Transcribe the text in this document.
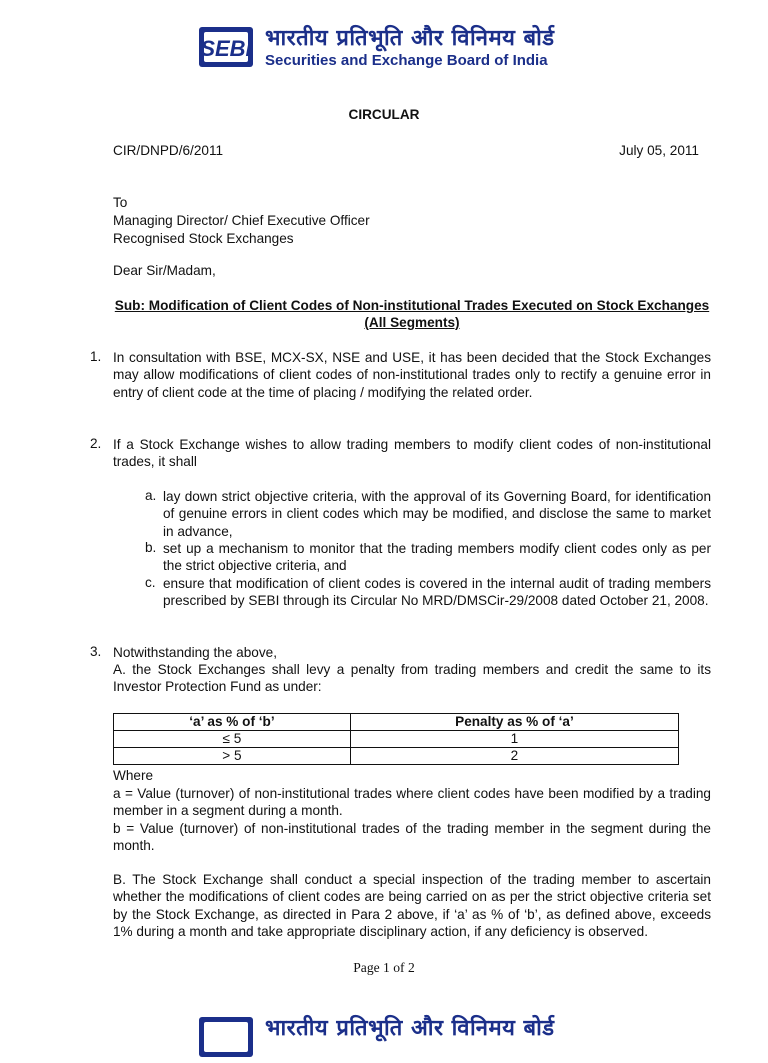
SEBI भारतीय प्रतिभूति और विनिमय बोर्ड
Securities and Exchange Board of India
CIRCULAR
CIR/DNPD/6/2011	July 05, 2011
To
Managing Director/ Chief Executive Officer
Recognised Stock Exchanges
Dear Sir/Madam,
Sub: Modification of Client Codes of Non-institutional Trades Executed on Stock Exchanges (All Segments)
1. In consultation with BSE, MCX-SX, NSE and USE, it has been decided that the Stock Exchanges may allow modifications of client codes of non-institutional trades only to rectify a genuine error in entry of client code at the time of placing / modifying the related order.
2. If a Stock Exchange wishes to allow trading members to modify client codes of non-institutional trades, it shall
a. lay down strict objective criteria, with the approval of its Governing Board, for identification of genuine errors in client codes which may be modified, and disclose the same to market in advance,
b. set up a mechanism to monitor that the trading members modify client codes only as per the strict objective criteria, and
c. ensure that modification of client codes is covered in the internal audit of trading members prescribed by SEBI through its Circular No MRD/DMSCir-29/2008 dated October 21, 2008.
3. Notwithstanding the above,
A. the Stock Exchanges shall levy a penalty from trading members and credit the same to its Investor Protection Fund as under:
‘a’ as % of ‘b’	Penalty as % of ‘a’
≤ 5	1
> 5	2
Where
a = Value (turnover) of non-institutional trades where client codes have been modified by a trading member in a segment during a month.
b = Value (turnover) of non-institutional trades of the trading member in the segment during the month.
B. The Stock Exchange shall conduct a special inspection of the trading member to ascertain whether the modifications of client codes are being carried on as per the strict objective criteria set by the Stock Exchange, as directed in Para 2 above, if ‘a’ as % of ‘b’, as defined above, exceeds 1% during a month and take appropriate disciplinary action, if any deficiency is observed.
Page 1 of 2
भारतीय प्रतिभूति और विनिमय बोर्ड
